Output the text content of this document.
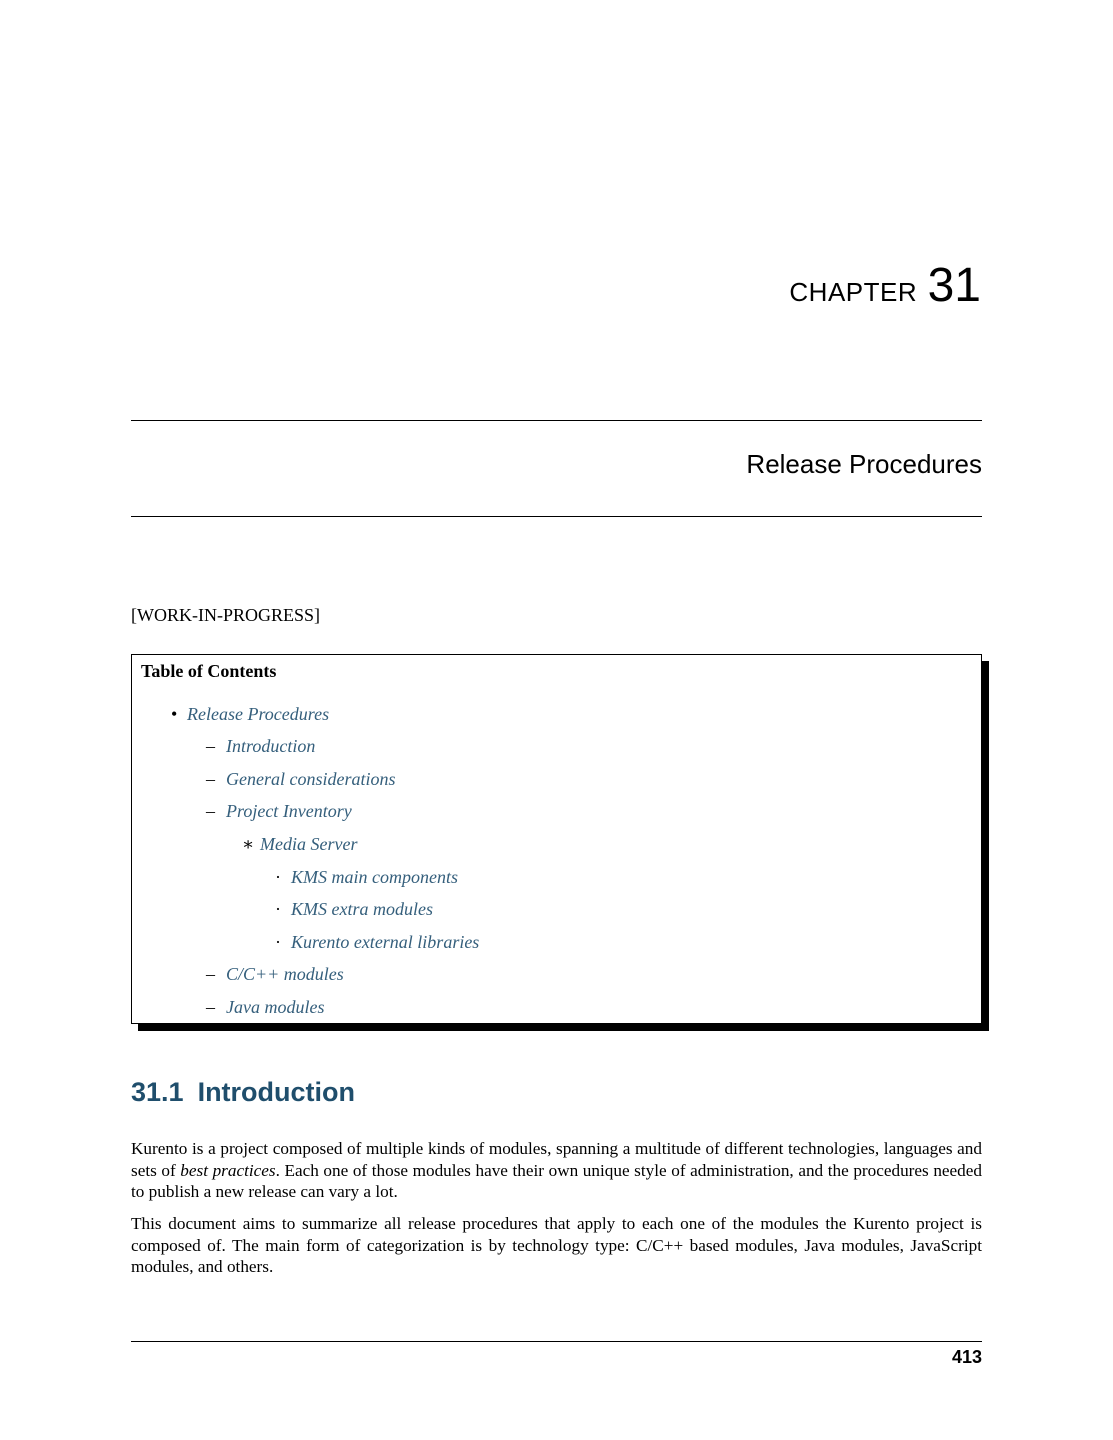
CHAPTER 31
Release Procedures
[WORK-IN-PROGRESS]
Table of Contents
• Release Procedures
– Introduction
– General considerations
– Project Inventory
∗ Media Server
· KMS main components
· KMS extra modules
· Kurento external libraries
– C/C++ modules
– Java modules
31.1 Introduction
Kurento is a project composed of multiple kinds of modules, spanning a multitude of different technologies, languages and sets of best practices. Each one of those modules have their own unique style of administration, and the procedures needed to publish a new release can vary a lot.
This document aims to summarize all release procedures that apply to each one of the modules the Kurento project is composed of. The main form of categorization is by technology type: C/C++ based modules, Java modules, JavaScript modules, and others.
413
